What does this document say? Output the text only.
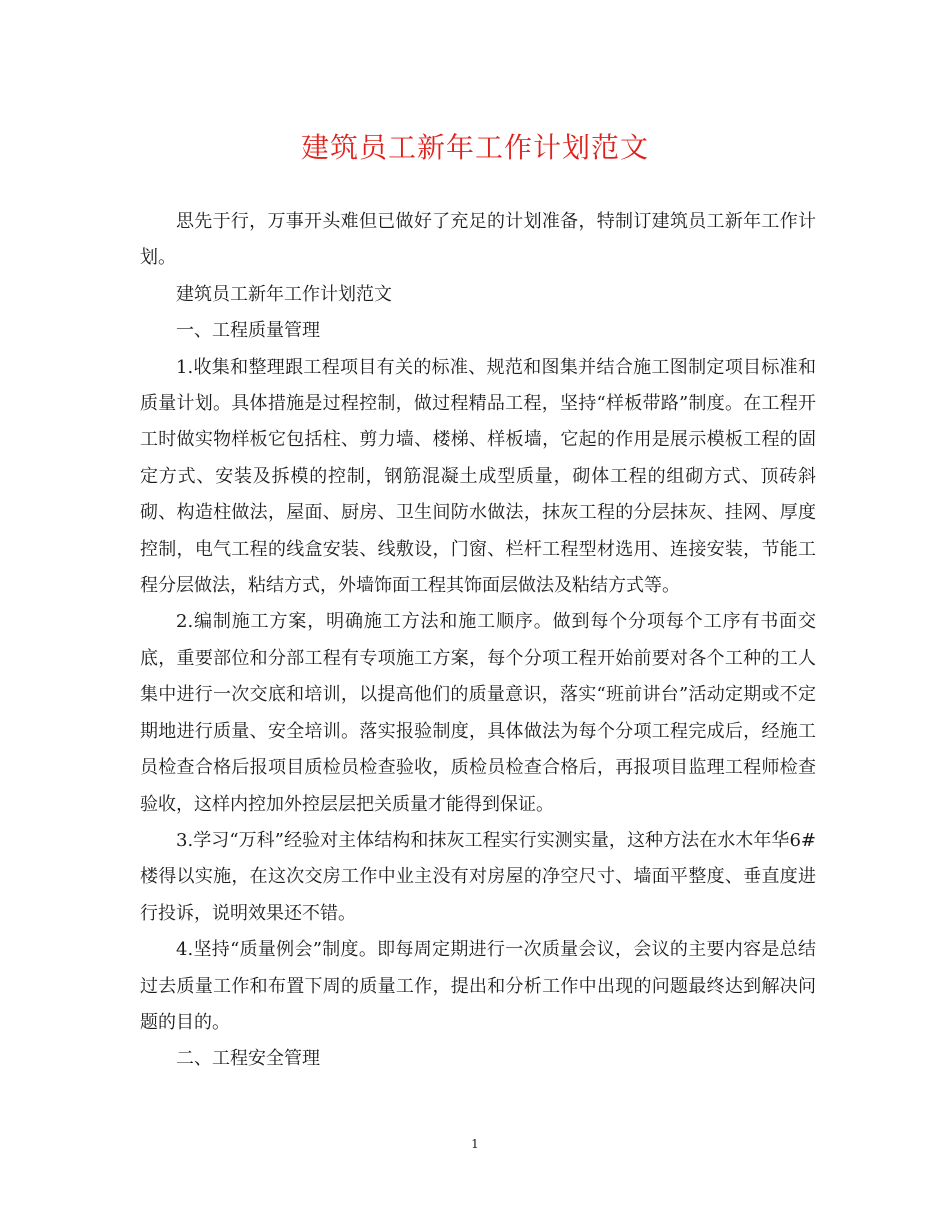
建筑员工新年工作计划范文

思先于行，万事开头难但已做好了充足的计划准备，特制订建筑员工新年工作计划。

建筑员工新年工作计划范文

一、工程质量管理

1.收集和整理跟工程项目有关的标准、规范和图集并结合施工图制定项目标准和质量计划。具体措施是过程控制，做过程精品工程，坚持“样板带路”制度。在工程开工时做实物样板它包括柱、剪力墙、楼梯、样板墙，它起的作用是展示模板工程的固定方式、安装及拆模的控制，钢筋混凝土成型质量，砌体工程的组砌方式、顶砖斜砌、构造柱做法，屋面、厨房、卫生间防水做法，抹灰工程的分层抹灰、挂网、厚度控制，电气工程的线盒安装、线敷设，门窗、栏杆工程型材选用、连接安装，节能工程分层做法，粘结方式，外墙饰面工程其饰面层做法及粘结方式等。

2.编制施工方案，明确施工方法和施工顺序。做到每个分项每个工序有书面交底，重要部位和分部工程有专项施工方案，每个分项工程开始前要对各个工种的工人集中进行一次交底和培训，以提高他们的质量意识，落实“班前讲台”活动定期或不定期地进行质量、安全培训。落实报验制度，具体做法为每个分项工程完成后，经施工员检查合格后报项目质检员检查验收，质检员检查合格后，再报项目监理工程师检查验收，这样内控加外控层层把关质量才能得到保证。

3.学习“万科”经验对主体结构和抹灰工程实行实测实量，这种方法在水木年华6#楼得以实施，在这次交房工作中业主没有对房屋的净空尺寸、墙面平整度、垂直度进行投诉，说明效果还不错。

4.坚持“质量例会”制度。即每周定期进行一次质量会议，会议的主要内容是总结过去质量工作和布置下周的质量工作，提出和分析工作中出现的问题最终达到解决问题的目的。

二、工程安全管理

1
